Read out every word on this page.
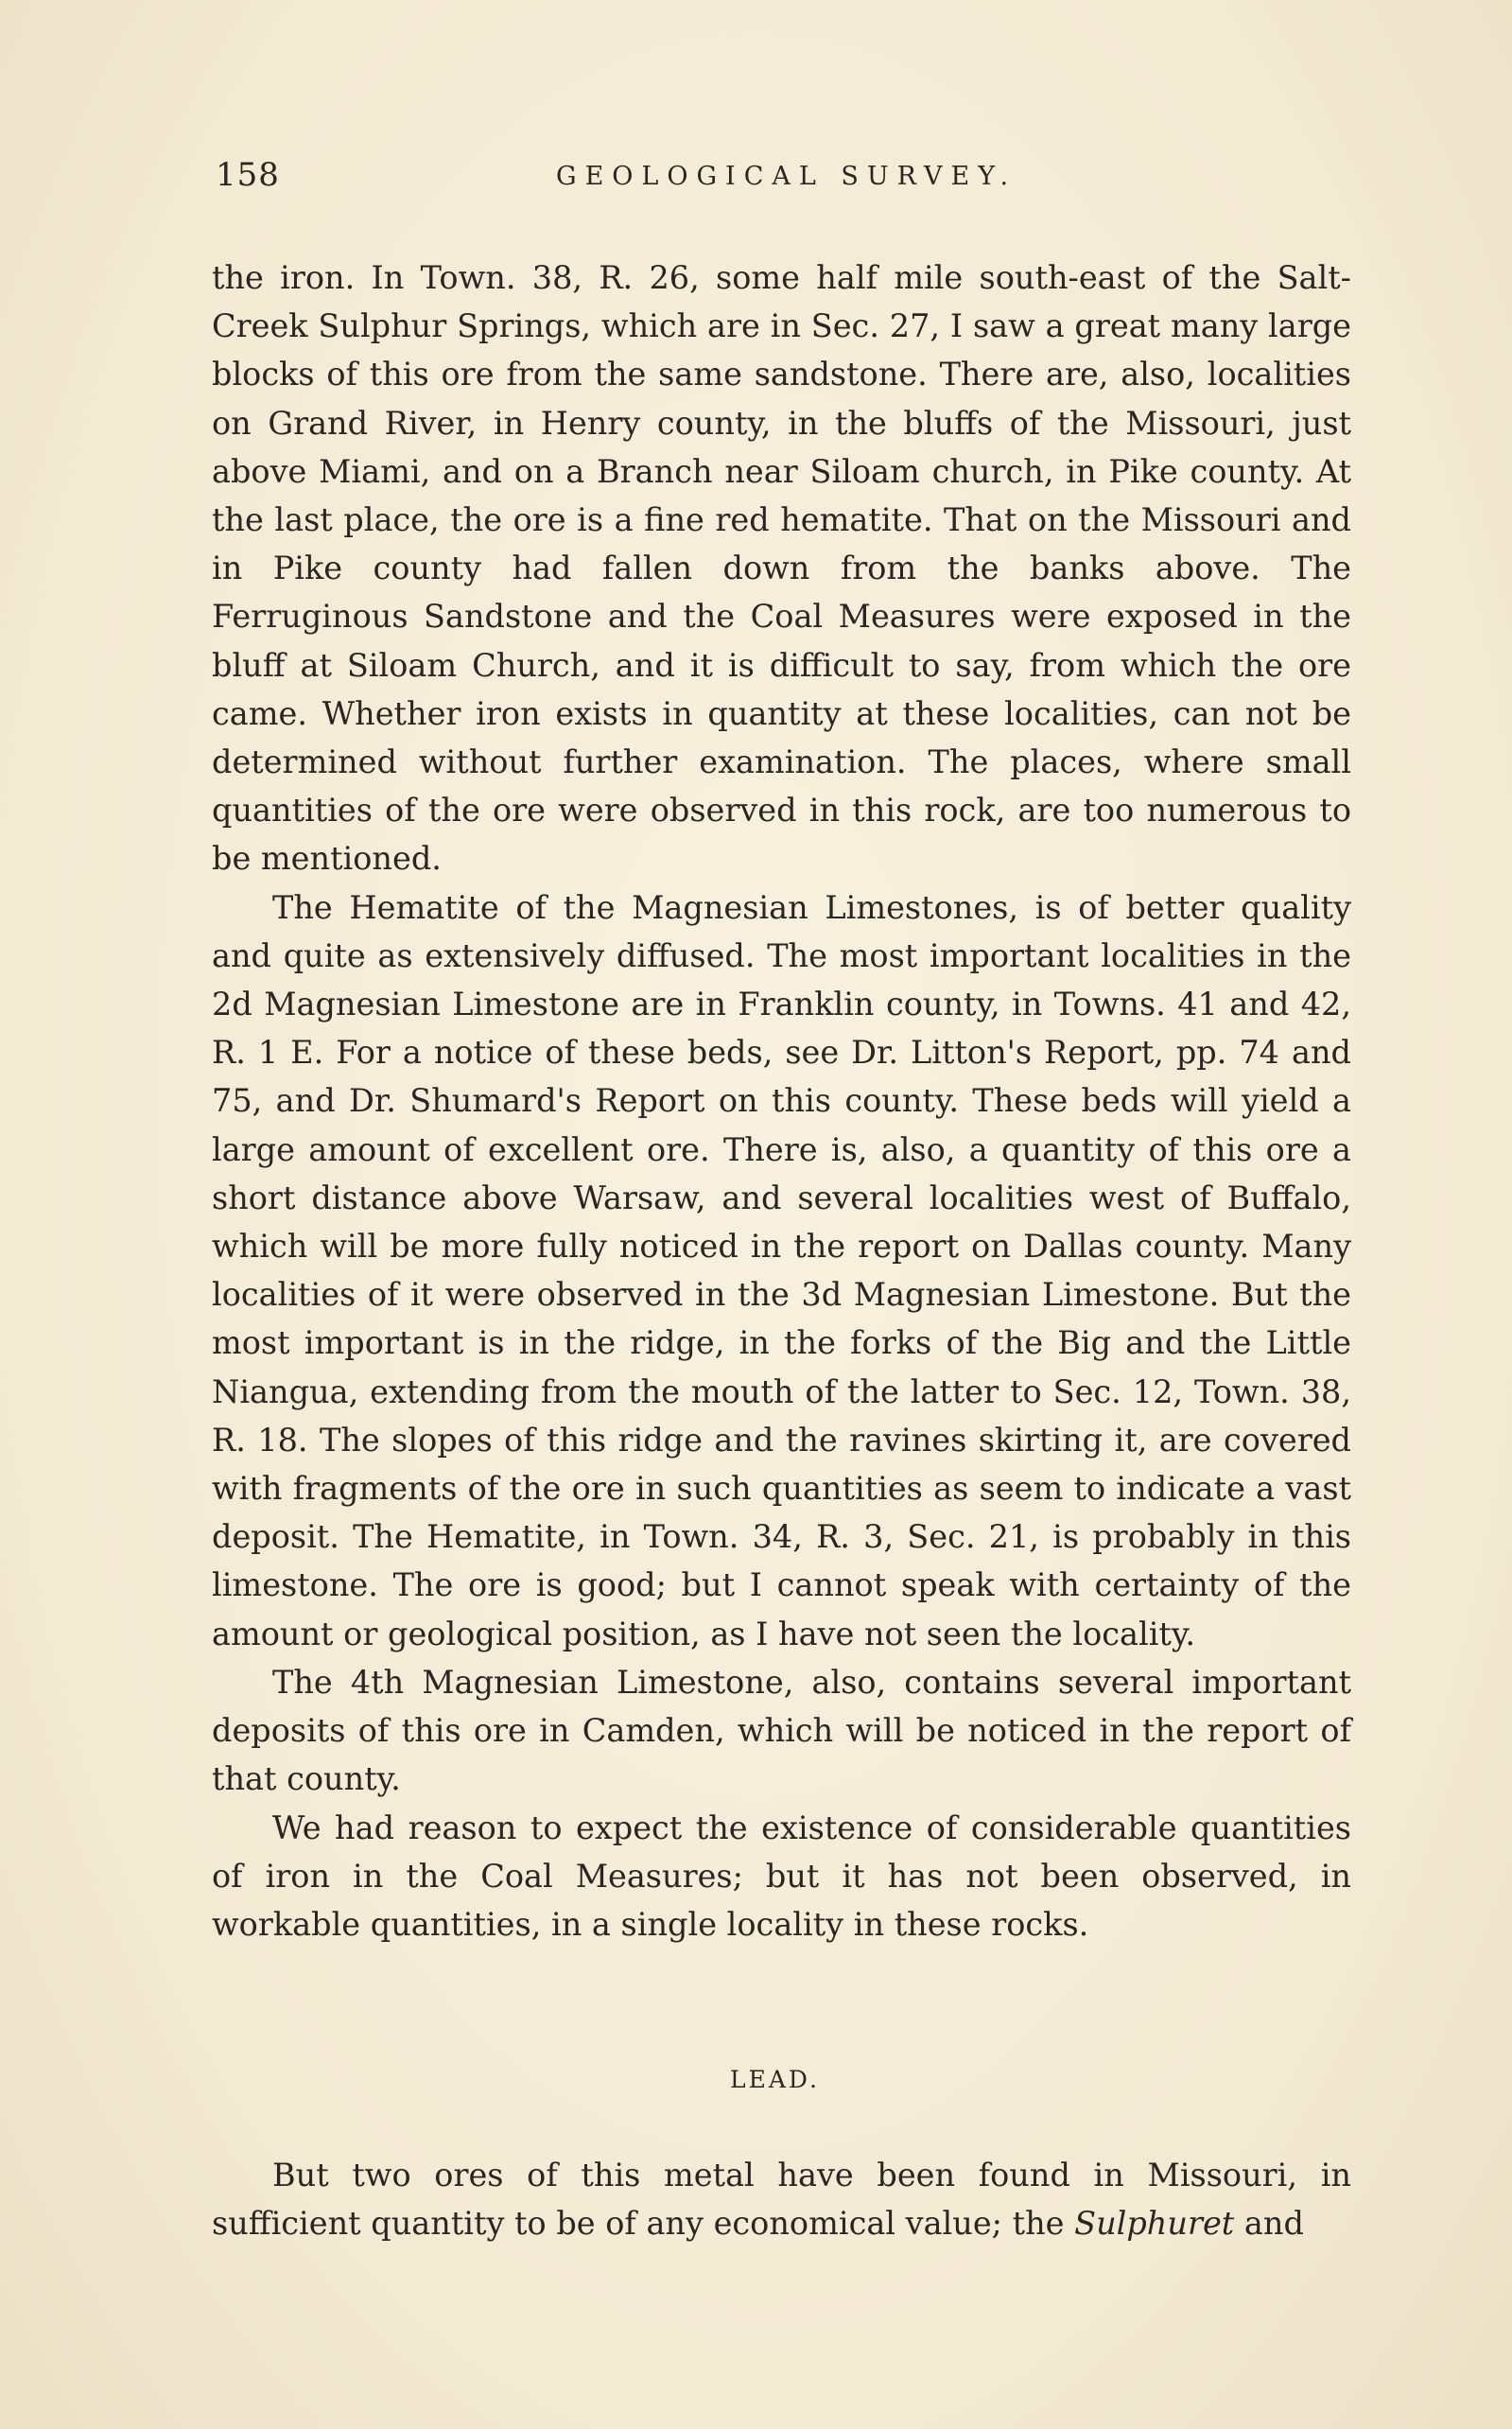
158	GEOLOGICAL SURVEY.

the iron. In Town. 38, R. 26, some half mile south-east of the Salt-Creek Sulphur Springs, which are in Sec. 27, I saw a great many large blocks of this ore from the same sandstone. There are, also, localities on Grand River, in Henry county, in the bluffs of the Missouri, just above Miami, and on a Branch near Siloam church, in Pike county. At the last place, the ore is a fine red hematite. That on the Missouri and in Pike county had fallen down from the banks above. The Ferruginous Sandstone and the Coal Measures were exposed in the bluff at Siloam Church, and it is difficult to say, from which the ore came. Whether iron exists in quantity at these localities, can not be determined without further examination. The places, where small quantities of the ore were observed in this rock, are too numerous to be mentioned.

The Hematite of the Magnesian Limestones, is of better quality and quite as extensively diffused. The most important localities in the 2d Magnesian Limestone are in Franklin county, in Towns. 41 and 42, R. 1 E. For a notice of these beds, see Dr. Litton's Report, pp. 74 and 75, and Dr. Shumard's Report on this county. These beds will yield a large amount of excellent ore. There is, also, a quantity of this ore a short distance above Warsaw, and several localities west of Buffalo, which will be more fully noticed in the report on Dallas county. Many localities of it were observed in the 3d Magnesian Limestone. But the most important is in the ridge, in the forks of the Big and the Little Niangua, extending from the mouth of the latter to Sec. 12, Town. 38, R. 18. The slopes of this ridge and the ravines skirting it, are covered with fragments of the ore in such quantities as seem to indicate a vast deposit. The Hematite, in Town. 34, R. 3, Sec. 21, is probably in this limestone. The ore is good; but I cannot speak with certainty of the amount or geological position, as I have not seen the locality.

The 4th Magnesian Limestone, also, contains several important deposits of this ore in Camden, which will be noticed in the report of that county.

We had reason to expect the existence of considerable quantities of iron in the Coal Measures; but it has not been observed, in workable quantities, in a single locality in these rocks.

LEAD.

But two ores of this metal have been found in Missouri, in sufficient quantity to be of any economical value; the Sulphuret and
